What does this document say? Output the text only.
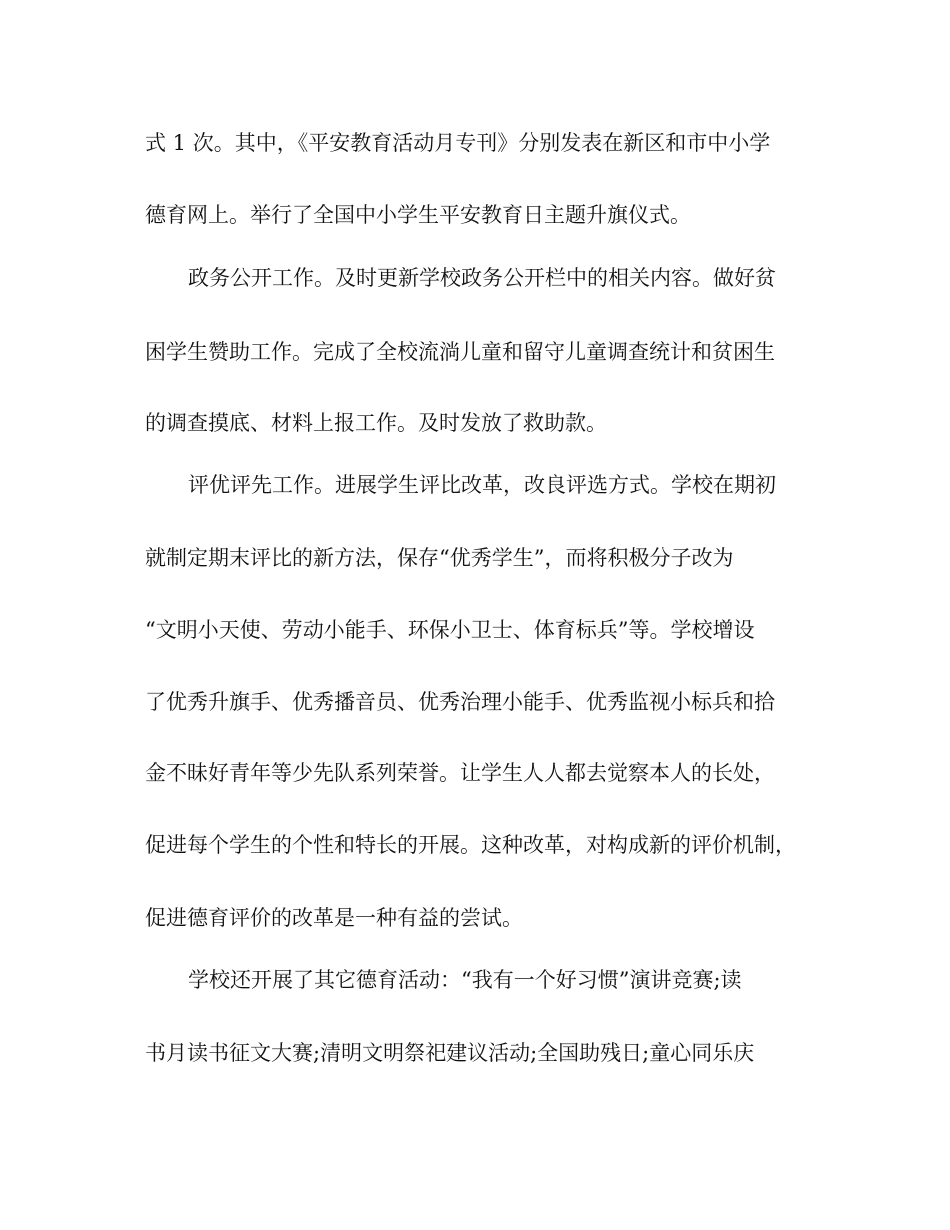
式 1 次。其中，《平安教育活动月专刊》分别发表在新区和市中小学
德育网上。举行了全国中小学生平安教育日主题升旗仪式。
政务公开工作。及时更新学校政务公开栏中的相关内容。做好贫
困学生赞助工作。完成了全校流淌儿童和留守儿童调查统计和贫困生
的调查摸底、材料上报工作。及时发放了救助款。
评优评先工作。进展学生评比改革，改良评选方式。学校在期初
就制定期末评比的新方法，保存“优秀学生”，而将积极分子改为
“文明小天使、劳动小能手、环保小卫士、体育标兵”等。学校增设
了优秀升旗手、优秀播音员、优秀治理小能手、优秀监视小标兵和拾
金不昧好青年等少先队系列荣誉。让学生人人都去觉察本人的长处，
促进每个学生的个性和特长的开展。这种改革，对构成新的评价机制，
促进德育评价的改革是一种有益的尝试。
学校还开展了其它德育活动：“我有一个好习惯”演讲竞赛;读
书月读书征文大赛;清明文明祭祀建议活动;全国助残日;童心同乐庆
